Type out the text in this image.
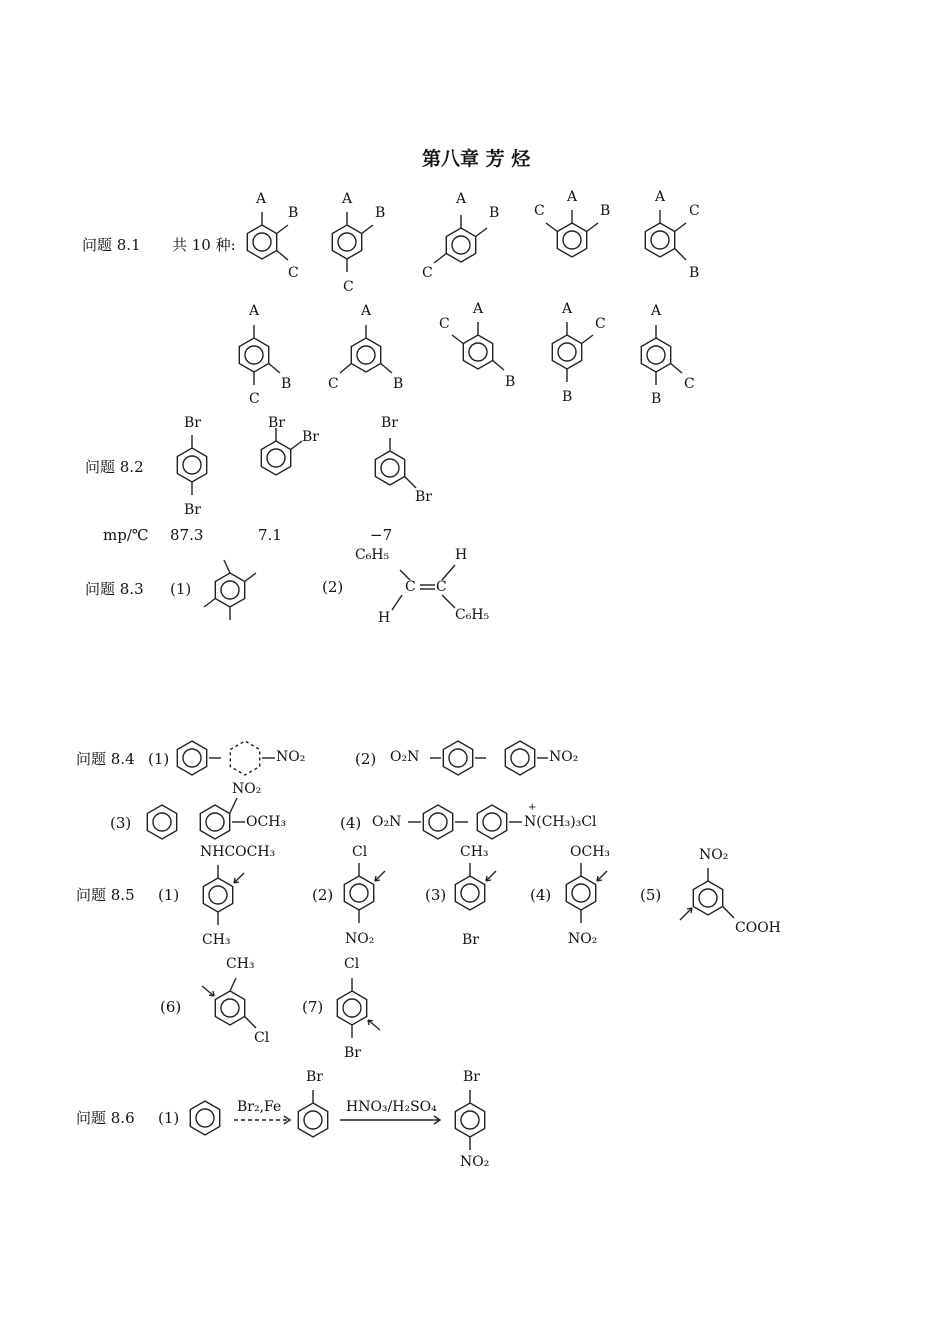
第八章 芳 烃
问题 8.1 共 10 种:
A
B
C
A
B
C
A
B
C
A
B
C
A
C
B
A
B
C
A
B
C
A
C
B
A
C
B
A
C
B
问题 8.2
Br
Br
Br
Br
Br
Br
mp/℃ 87.3	7.1	−7
问题 8.3 (1)	(2)
C₆H₅	H
C C
H	C₆H₅
问题 8.4 (1)	NO₂	(2) O₂N	NO₂
(3)
NO₂
OCH₃	(4) O₂N
+
N(CH₃)₃Cl
问题 8.5 (1)
NHCOCH₃
CH₃
(2)
Cl
NO₂
(3)
CH₃
Br
(4)
OCH₃
NO₂
(5)
NO₂
COOH
(6)
CH₃
Cl
(7)
Cl
Br
问题 8.6 (1)
Br₂,Fe
Br
HNO₃/H₂SO₄
Br
NO₂
